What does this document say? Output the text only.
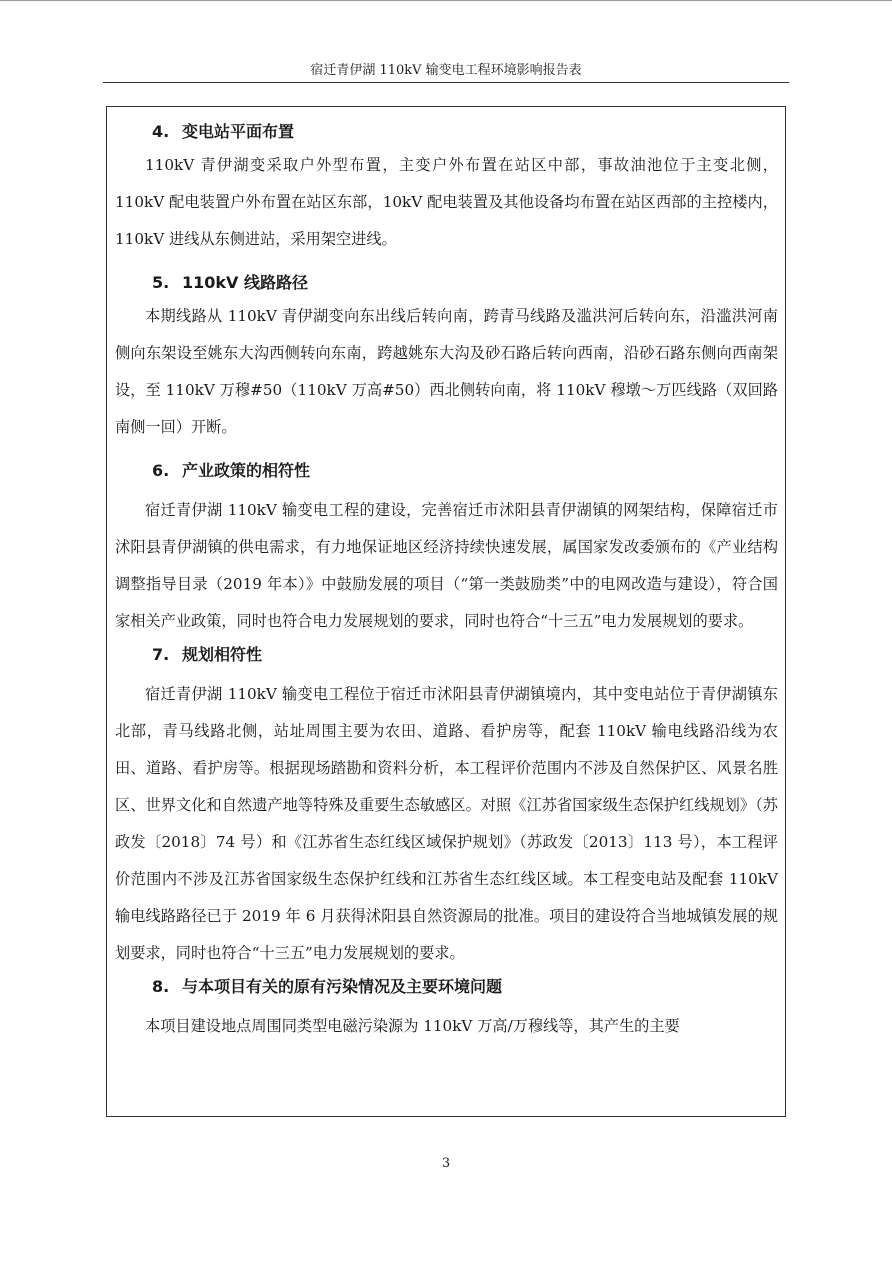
宿迁青伊湖 110kV 输变电工程环境影响报告表
4. 变电站平面布置

110kV 青伊湖变采取户外型布置，主变户外布置在站区中部，事故油池位于主变北侧，110kV 配电装置户外布置在站区东部，10kV 配电装置及其他设备均布置在站区西部的主控楼内，110kV 进线从东侧进站，采用架空进线。

5. 110kV 线路路径

本期线路从 110kV 青伊湖变向东出线后转向南，跨青马线路及滥洪河后转向东，沿滥洪河南侧向东架设至姚东大沟西侧转向东南，跨越姚东大沟及砂石路后转向西南，沿砂石路东侧向西南架设，至 110kV 万穆#50（110kV 万高#50）西北侧转向南，将 110kV 穆墩～万匹线路（双回路南侧一回）开断。

6. 产业政策的相符性

宿迁青伊湖 110kV 输变电工程的建设，完善宿迁市沭阳县青伊湖镇的网架结构，保障宿迁市沭阳县青伊湖镇的供电需求，有力地保证地区经济持续快速发展，属国家发改委颁布的《产业结构调整指导目录（2019 年本）》中鼓励发展的项目（“第一类鼓励类”中的电网改造与建设），符合国家相关产业政策，同时也符合电力发展规划的要求，同时也符合“十三五”电力发展规划的要求。

7. 规划相符性

宿迁青伊湖 110kV 输变电工程位于宿迁市沭阳县青伊湖镇境内，其中变电站位于青伊湖镇东北部，青马线路北侧，站址周围主要为农田、道路、看护房等，配套 110kV 输电线路沿线为农田、道路、看护房等。根据现场踏勘和资料分析，本工程评价范围内不涉及自然保护区、风景名胜区、世界文化和自然遗产地等特殊及重要生态敏感区。对照《江苏省国家级生态保护红线规划》（苏政发〔2018〕74 号）和《江苏省生态红线区域保护规划》（苏政发〔2013〕113 号），本工程评价范围内不涉及江苏省国家级生态保护红线和江苏省生态红线区域。本工程变电站及配套 110kV 输电线路路径已于 2019 年 6 月获得沭阳县自然资源局的批准。项目的建设符合当地城镇发展的规划要求，同时也符合“十三五”电力发展规划的要求。

8. 与本项目有关的原有污染情况及主要环境问题

本项目建设地点周围同类型电磁污染源为 110kV 万高/万穆线等，其产生的主要

3
